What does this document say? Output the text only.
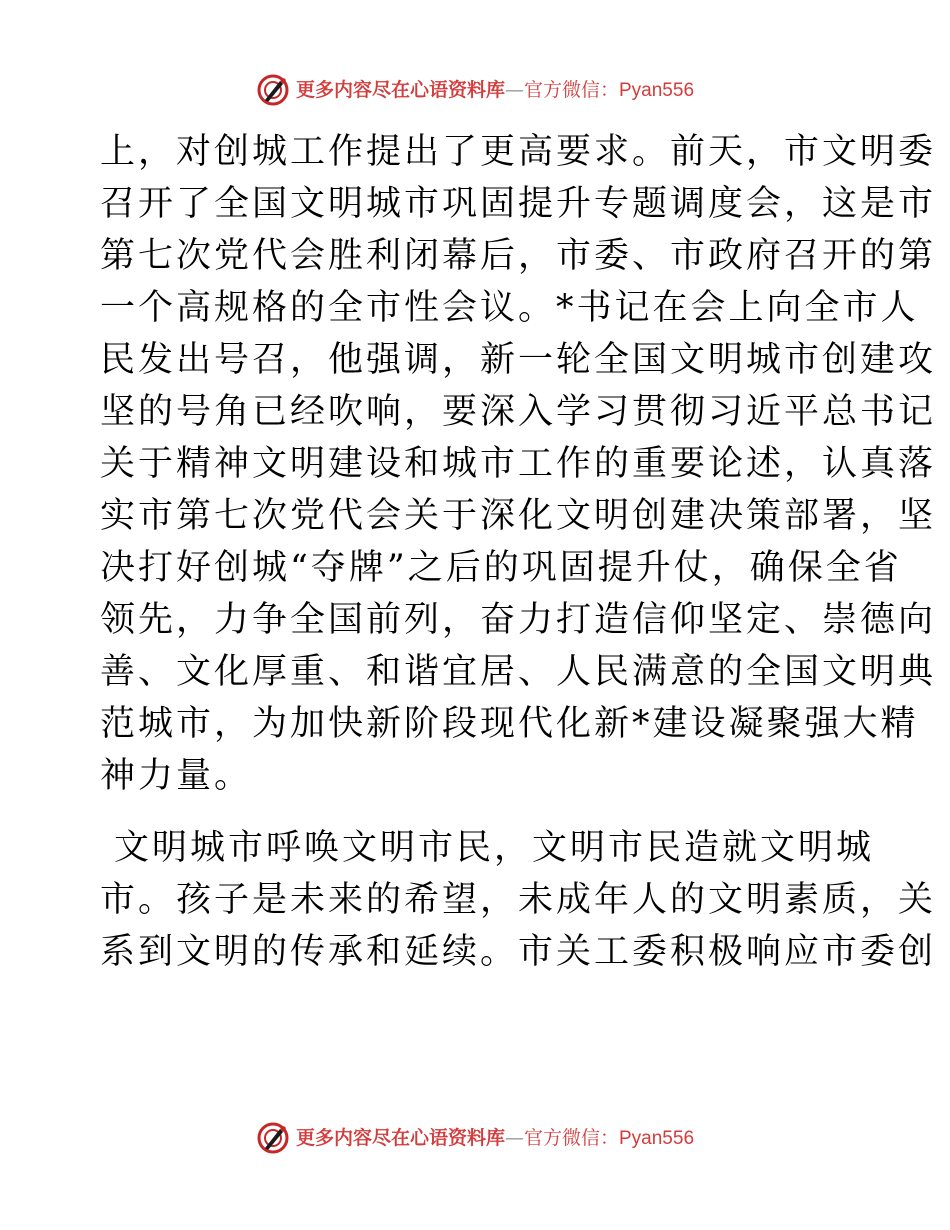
更多内容尽在心语资料库—官方微信：Pyan556

上，对创城工作提出了更高要求。前天，市文明委
召开了全国文明城市巩固提升专题调度会，这是市
第七次党代会胜利闭幕后，市委、市政府召开的第
一个高规格的全市性会议。*书记在会上向全市人
民发出号召，他强调，新一轮全国文明城市创建攻
坚的号角已经吹响，要深入学习贯彻习近平总书记
关于精神文明建设和城市工作的重要论述，认真落
实市第七次党代会关于深化文明创建决策部署，坚
决打好创城“夺牌”之后的巩固提升仗，确保全省
领先，力争全国前列，奋力打造信仰坚定、崇德向
善、文化厚重、和谐宜居、人民满意的全国文明典
范城市，为加快新阶段现代化新*建设凝聚强大精
神力量。

文明城市呼唤文明市民，文明市民造就文明城
市。孩子是未来的希望，未成年人的文明素质，关
系到文明的传承和延续。市关工委积极响应市委创

更多内容尽在心语资料库—官方微信：Pyan556
